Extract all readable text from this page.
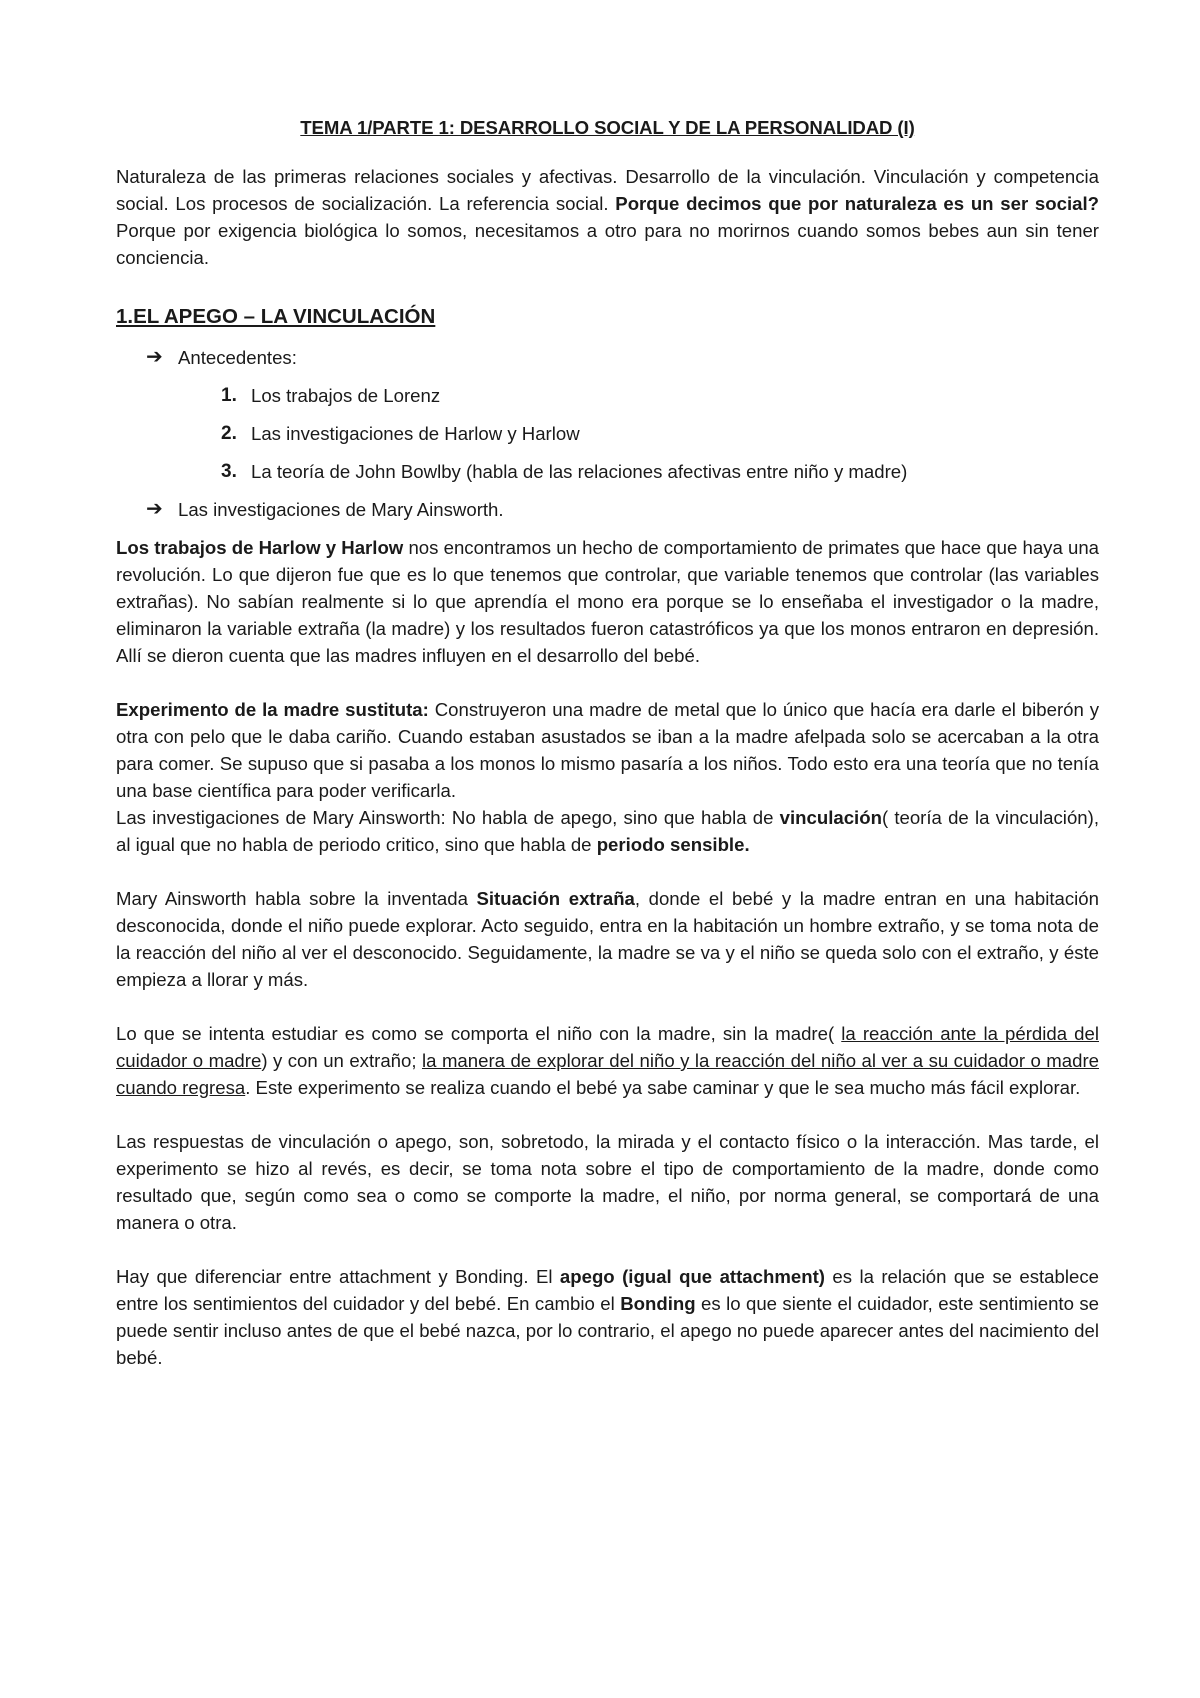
TEMA 1/PARTE 1: DESARROLLO SOCIAL Y DE LA PERSONALIDAD (I)

Naturaleza de las primeras relaciones sociales y afectivas. Desarrollo de la vinculación. Vinculación y competencia social. Los procesos de socialización. La referencia social. Porque decimos que por naturaleza es un ser social? Porque por exigencia biológica lo somos, necesitamos a otro para no morirnos cuando somos bebes aun sin tener conciencia.

1.EL APEGO – LA VINCULACIÓN
➔ Antecedentes:
1. Los trabajos de Lorenz
2. Las investigaciones de Harlow y Harlow
3. La teoría de John Bowlby (habla de las relaciones afectivas entre niño y madre)
➔ Las investigaciones de Mary Ainsworth.

Los trabajos de Harlow y Harlow nos encontramos un hecho de comportamiento de primates que hace que haya una revolución. Lo que dijeron fue que es lo que tenemos que controlar, que variable tenemos que controlar (las variables extrañas). No sabían realmente si lo que aprendía el mono era porque se lo enseñaba el investigador o la madre, eliminaron la variable extraña (la madre) y los resultados fueron catastróficos ya que los monos entraron en depresión. Allí se dieron cuenta que las madres influyen en el desarrollo del bebé.

Experimento de la madre sustituta: Construyeron una madre de metal que lo único que hacía era darle el biberón y otra con pelo que le daba cariño. Cuando estaban asustados se iban a la madre afelpada solo se acercaban a la otra para comer. Se supuso que si pasaba a los monos lo mismo pasaría a los niños. Todo esto era una teoría que no tenía una base científica para poder verificarla.

Las investigaciones de Mary Ainsworth: No habla de apego, sino que habla de vinculación( teoría de la vinculación), al igual que no habla de periodo critico, sino que habla de periodo sensible.

Mary Ainsworth habla sobre la inventada Situación extraña, donde el bebé y la madre entran en una habitación desconocida, donde el niño puede explorar. Acto seguido, entra en la habitación un hombre extraño, y se toma nota de la reacción del niño al ver el desconocido. Seguidamente, la madre se va y el niño se queda solo con el extraño, y éste empieza a llorar y más.

Lo que se intenta estudiar es como se comporta el niño con la madre, sin la madre( la reacción ante la pérdida del cuidador o madre) y con un extraño; la manera de explorar del niño y la reacción del niño al ver a su cuidador o madre cuando regresa. Este experimento se realiza cuando el bebé ya sabe caminar y que le sea mucho más fácil explorar.

Las respuestas de vinculación o apego, son, sobretodo, la mirada y el contacto físico o la interacción. Mas tarde, el experimento se hizo al revés, es decir, se toma nota sobre el tipo de comportamiento de la madre, donde como resultado que, según como sea o como se comporte la madre, el niño, por norma general, se comportará de una manera o otra.

Hay que diferenciar entre attachment y Bonding. El apego (igual que attachment) es la relación que se establece entre los sentimientos del cuidador y del bebé. En cambio el Bonding es lo que siente el cuidador, este sentimiento se puede sentir incluso antes de que el bebé nazca, por lo contrario, el apego no puede aparecer antes del nacimiento del bebé.
